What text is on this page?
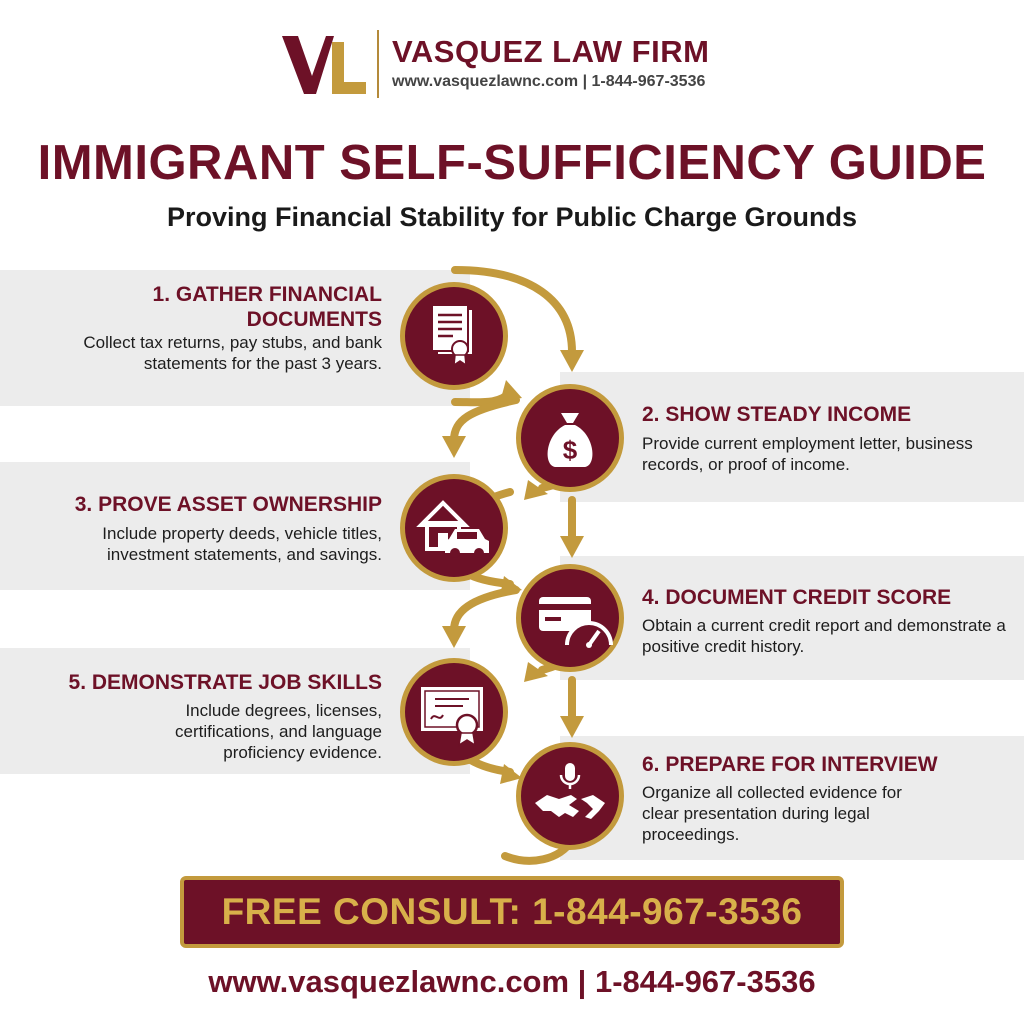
VASQUEZ LAW FIRM
www.vasquezlawnc.com | 1-844-967-3536
IMMIGRANT SELF-SUFFICIENCY GUIDE
Proving Financial Stability for Public Charge Grounds
1. GATHER FINANCIAL DOCUMENTS
Collect tax returns, pay stubs, and bank statements for the past 3 years.
$
2. SHOW STEADY INCOME
Provide current employment letter, business records, or proof of income.
3. PROVE ASSET OWNERSHIP
Include property deeds, vehicle titles, investment statements, and savings.
4. DOCUMENT CREDIT SCORE
Obtain a current credit report and demonstrate a positive credit history.
5. DEMONSTRATE JOB SKILLS
Include degrees, licenses, certifications, and language proficiency evidence.
6. PREPARE FOR INTERVIEW
Organize all collected evidence for clear presentation during legal proceedings.
FREE CONSULT: 1-844-967-3536
www.vasquezlawnc.com | 1-844-967-3536
